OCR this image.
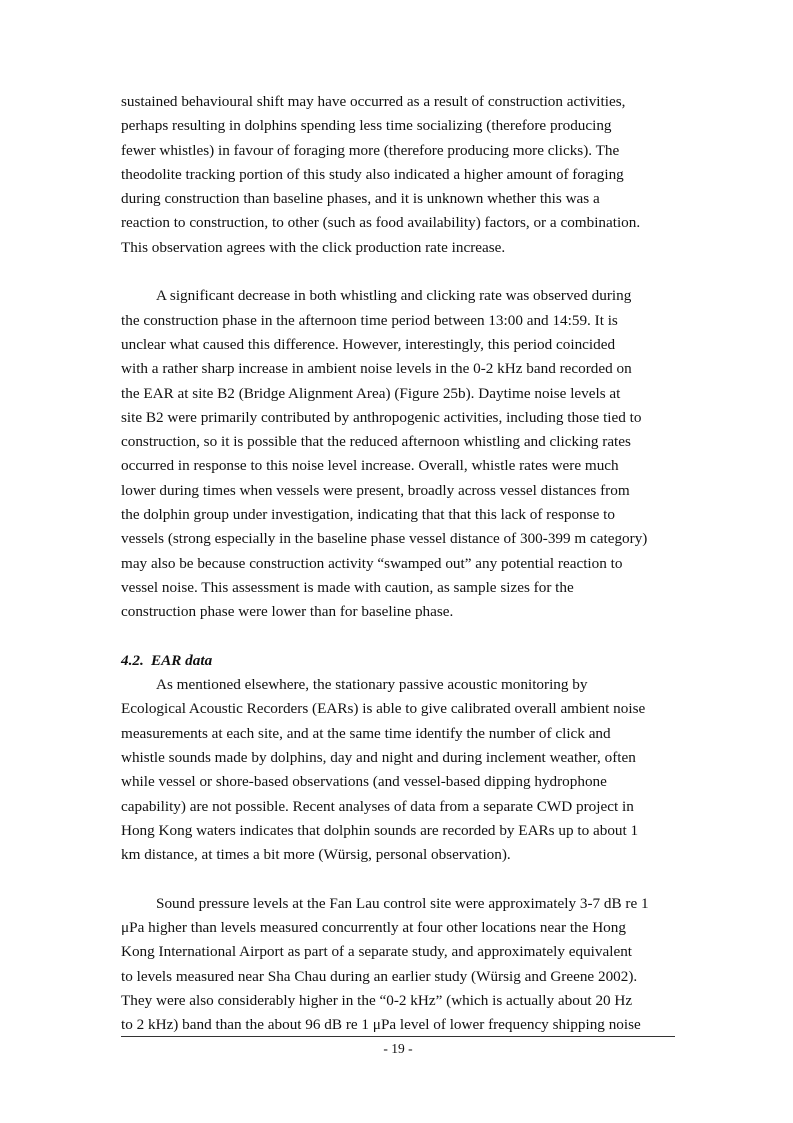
sustained behavioural shift may have occurred as a result of construction activities,
perhaps resulting in dolphins spending less time socializing (therefore producing
fewer whistles) in favour of foraging more (therefore producing more clicks). The
theodolite tracking portion of this study also indicated a higher amount of foraging
during construction than baseline phases, and it is unknown whether this was a
reaction to construction, to other (such as food availability) factors, or a combination.
This observation agrees with the click production rate increase.
A significant decrease in both whistling and clicking rate was observed during
the construction phase in the afternoon time period between 13:00 and 14:59. It is
unclear what caused this difference. However, interestingly, this period coincided
with a rather sharp increase in ambient noise levels in the 0-2 kHz band recorded on
the EAR at site B2 (Bridge Alignment Area) (Figure 25b). Daytime noise levels at
site B2 were primarily contributed by anthropogenic activities, including those tied to
construction, so it is possible that the reduced afternoon whistling and clicking rates
occurred in response to this noise level increase. Overall, whistle rates were much
lower during times when vessels were present, broadly across vessel distances from
the dolphin group under investigation, indicating that that this lack of response to
vessels (strong especially in the baseline phase vessel distance of 300-399 m category)
may also be because construction activity “swamped out” any potential reaction to
vessel noise. This assessment is made with caution, as sample sizes for the
construction phase were lower than for baseline phase.
4.2. EAR data
As mentioned elsewhere, the stationary passive acoustic monitoring by
Ecological Acoustic Recorders (EARs) is able to give calibrated overall ambient noise
measurements at each site, and at the same time identify the number of click and
whistle sounds made by dolphins, day and night and during inclement weather, often
while vessel or shore-based observations (and vessel-based dipping hydrophone
capability) are not possible. Recent analyses of data from a separate CWD project in
Hong Kong waters indicates that dolphin sounds are recorded by EARs up to about 1
km distance, at times a bit more (Würsig, personal observation).
Sound pressure levels at the Fan Lau control site were approximately 3-7 dB re 1
μPa higher than levels measured concurrently at four other locations near the Hong
Kong International Airport as part of a separate study, and approximately equivalent
to levels measured near Sha Chau during an earlier study (Würsig and Greene 2002).
They were also considerably higher in the “0-2 kHz” (which is actually about 20 Hz
to 2 kHz) band than the about 96 dB re 1 μPa level of lower frequency shipping noise
- 19 -
